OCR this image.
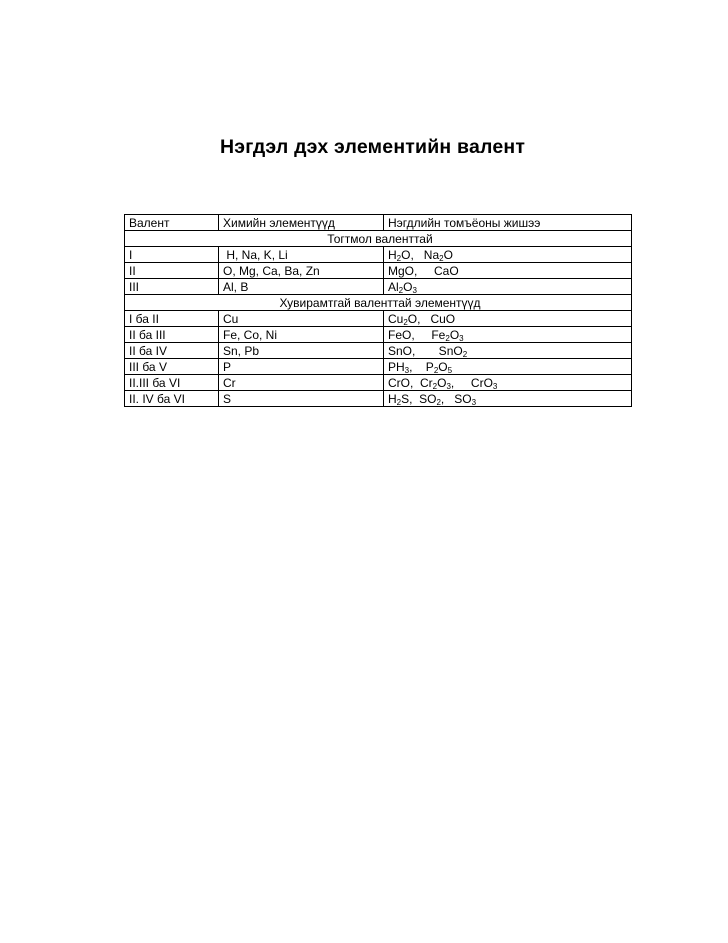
Нэгдэл дэх элементийн валент
Валент	Химийн элементүүд	Нэгдлийн томъёоны жишээ
Тогтмол валенттай		
I	H, Na, K, Li	$H_2O$,   $Na_2O$
II	O, Mg, Ca, Ba, Zn	MgO,     CaO
III	Al, B	$Al_2O_3$
Хувирамтгай валенттай элементүүд		
I ба II	Cu	$Cu_2O$,   CuO
II ба III	Fe, Co, Ni	FeO,     $Fe_2O_3$
II ба IV	Sn, Pb	SnO,       SnO$_2$
III ба V	P	$PH_3$,    $P_2O_5$
II.III ба VI	Cr	CrO,  $Cr_2O_3$,     CrO$_3$
II. IV ба VI	S	$H_2S$,  $SO_2$,   $SO_3$
